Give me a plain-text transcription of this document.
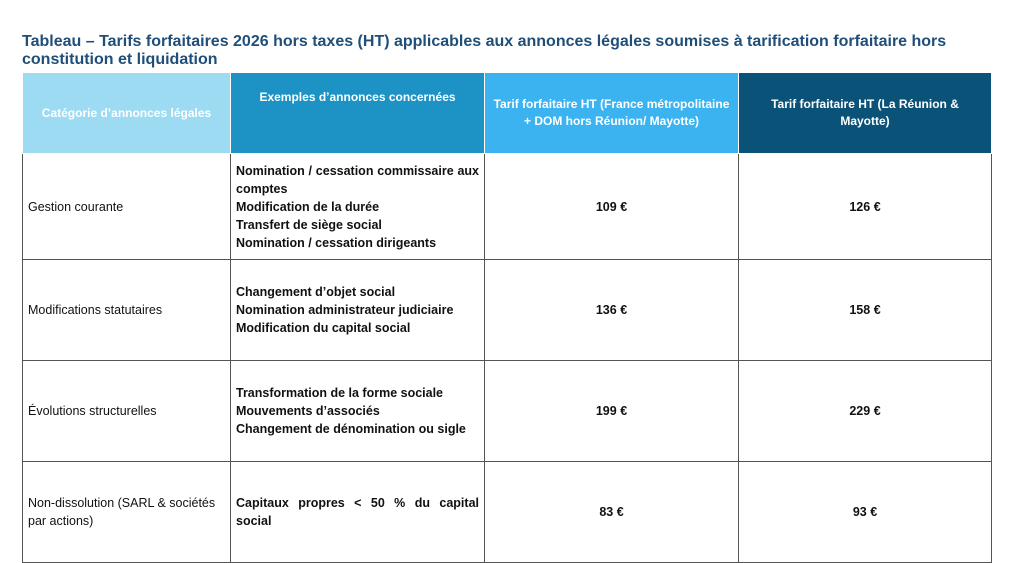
Tableau – Tarifs forfaitaires 2026 hors taxes (HT) applicables aux annonces légales soumises à tarification forfaitaire hors constitution et liquidation
Catégorie d’annonces légales	Exemples d’annonces concernées	Tarif forfaitaire HT (France métropolitaine + DOM hors Réunion/ Mayotte)	Tarif forfaitaire HT (La Réunion & Mayotte)
Gestion courante	Nomination / cessation commissaire aux comptes
Modification de la durée
Transfert de siège social
Nomination / cessation dirigeants	109 €	126 €
Modifications statutaires	Changement d’objet social
Nomination administrateur judiciaire
Modification du capital social	136 €	158 €
Évolutions structurelles	Transformation de la forme sociale
Mouvements d’associés
Changement de dénomination ou sigle	199 €	229 €
Non-dissolution (SARL & sociétés par actions)	Capitaux propres < 50 % du capital social	83 €	93 €
